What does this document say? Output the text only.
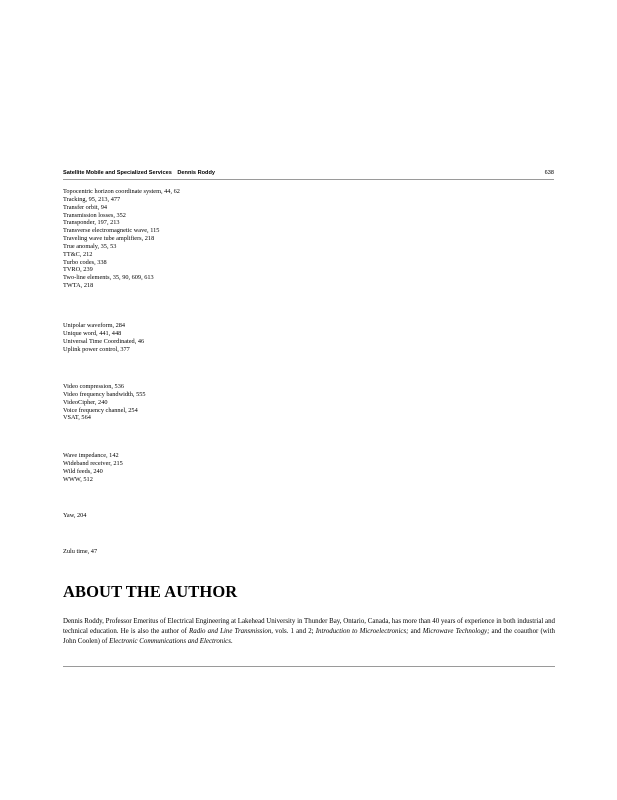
Satellite Mobile and Specialized Services Dennis Roddy	638
Topocentric horizon coordinate system, 44, 62
Tracking, 95, 213, 477
Transfer orbit, 94
Transmission losses, 352
Transponder, 197, 213
Transverse electromagnetic wave, 115
Traveling wave tube amplifiers, 218
True anomaly, 35, 53
TT&C, 212
Turbo codes, 338
TVRO, 239
Two-line elements, 35, 90, 609, 613
TWTA, 218
Unipolar waveform, 284
Unique word, 441, 448
Universal Time Coordinated, 46
Uplink power control, 377
Video compression, 536
Video frequency bandwidth, 555
VideoCipher, 240
Voice frequency channel, 254
VSAT, 564
Wave impedance, 142
Wideband receiver, 215
Wild feeds, 240
WWW, 512
Yaw, 204
Zulu time, 47
ABOUT THE AUTHOR
Dennis Roddy, Professor Emeritus of Electrical Engineering at Lakehead University in Thunder Bay, Ontario, Canada, has more than 40 years of experience in both industrial and technical education. He is also the author of Radio and Line Transmission, vols. 1 and 2; Introduction to Microelectronics; and Microwave Technology; and the coauthor (with John Coolen) of Electronic Communications and Electronics.
